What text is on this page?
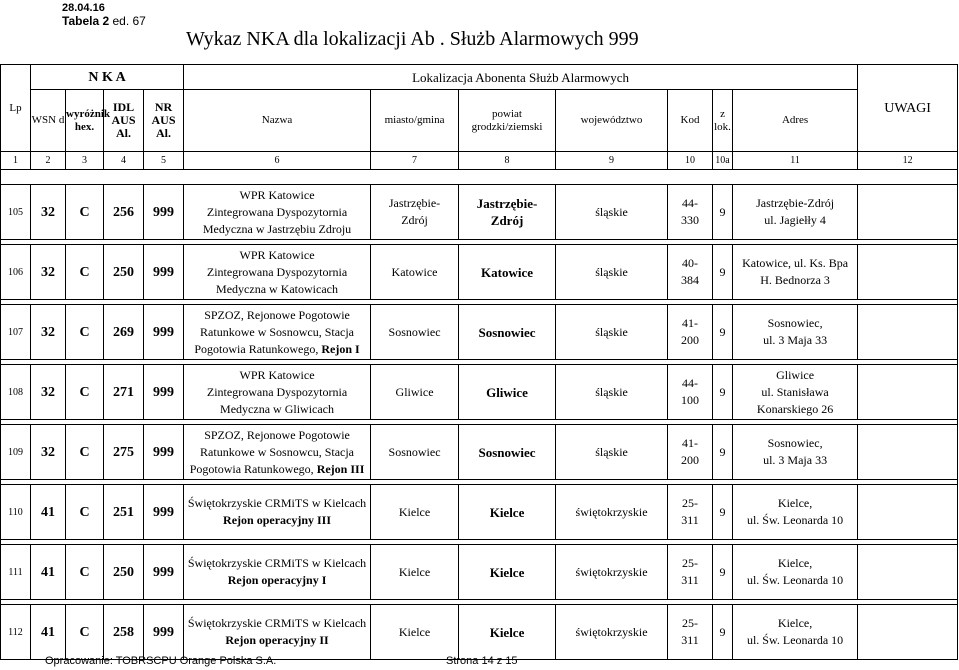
28.04.16
Tabela 2 ed. 67
Wykaz NKA dla lokalizacji Ab . Służb Alarmowych 999
Lp	N K A				Lokalizacja Abonenta Służb Alarmowych							UWAGI
	WSN d	wyróżnik hex.	IDL AUS Al.	NR AUS Al.	Nazwa	miasto/gmina	powiat grodzki/ziemski	województwo	Kod	z lok.	Adres	
1	2	3	4	5	6	7	8	9	10	10a	11	12

105	32	C	256	999	WPR Katowice
Zintegrowana Dyspozytornia
Medyczna w Jastrzębiu Zdroju	Jastrzębie-
Zdrój	Jastrzębie-
Zdrój	śląskie	44-
330	9	Jastrzębie-Zdrój
ul. Jagiełły 4	

106	32	C	250	999	WPR Katowice
Zintegrowana Dyspozytornia
Medyczna w Katowicach	Katowice	Katowice	śląskie	40-
384	9	Katowice, ul. Ks. Bpa
H. Bednorza 3	

107	32	C	269	999	SPZOZ, Rejonowe Pogotowie
Ratunkowe w Sosnowcu, Stacja
Pogotowia Ratunkowego, Rejon I	Sosnowiec	Sosnowiec	śląskie	41-
200	9	Sosnowiec,
ul. 3 Maja 33	

108	32	C	271	999	WPR Katowice
Zintegrowana Dyspozytornia
Medyczna w Gliwicach	Gliwice	Gliwice	śląskie	44-
100	9	Gliwice
ul. Stanisława
Konarskiego 26	

109	32	C	275	999	SPZOZ, Rejonowe Pogotowie
Ratunkowe w Sosnowcu, Stacja
Pogotowia Ratunkowego, Rejon III	Sosnowiec	Sosnowiec	śląskie	41-
200	9	Sosnowiec,
ul. 3 Maja 33	

110	41	C	251	999	Świętokrzyskie CRMiTS w Kielcach
Rejon operacyjny III	Kielce	Kielce	świętokrzyskie	25-
311	9	Kielce,
ul. Św. Leonarda 10	

111	41	C	250	999	Świętokrzyskie CRMiTS w Kielcach
Rejon operacyjny I	Kielce	Kielce	świętokrzyskie	25-
311	9	Kielce,
ul. Św. Leonarda 10	

112	41	C	258	999	Świętokrzyskie CRMiTS w Kielcach
Rejon operacyjny II	Kielce	Kielce	świętokrzyskie	25-
311	9	Kielce,
ul. Św. Leonarda 10	
Opracowanie: TOBRSCPU Orange Polska S.A.	Strona 14 z 15
